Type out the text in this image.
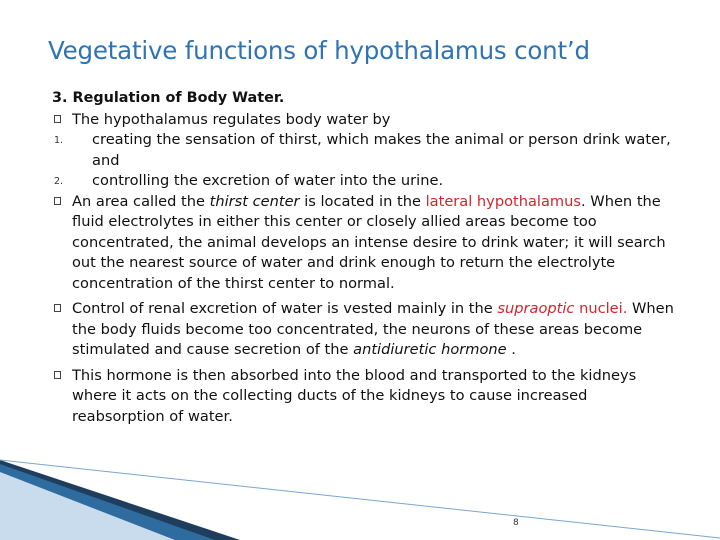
Vegetative functions of hypothalamus cont’d
3. Regulation of Body Water.
The hypothalamus regulates body water by
1. creating the sensation of thirst, which makes the animal or person drink water, and
2. controlling the excretion of water into the urine.
An area called the thirst center is located in the lateral hypothalamus. When the fluid electrolytes in either this center or closely allied areas become too concentrated, the animal develops an intense desire to drink water; it will search out the nearest source of water and drink enough to return the electrolyte concentration of the thirst center to normal.
Control of renal excretion of water is vested mainly in the supraoptic nuclei. When the body fluids become too concentrated, the neurons of these areas become stimulated and cause secretion of the antidiuretic hormone .
This hormone is then absorbed into the blood and transported to the kidneys where it acts on the collecting ducts of the kidneys to cause increased reabsorption of water.
8
